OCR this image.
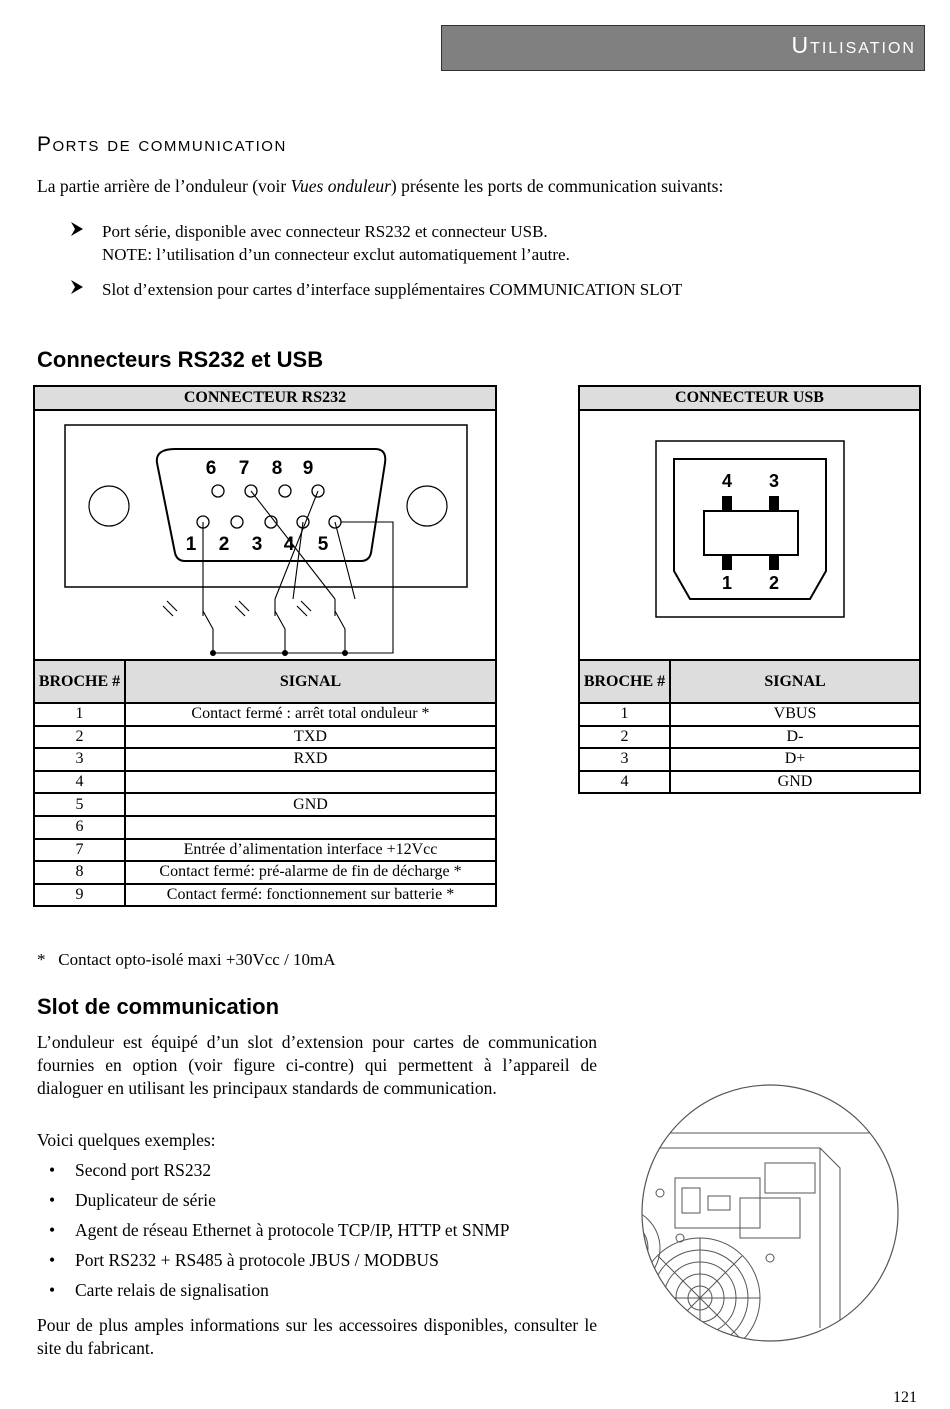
Utilisation
Ports de communication
La partie arrière de l’onduleur (voir Vues onduleur) présente les ports de communication suivants:
Port série, disponible avec connecteur RS232 et connecteur USB.
NOTE: l’utilisation d’un connecteur exclut automatiquement l’autre.
Slot d’extension pour cartes d’interface supplémentaires COMMUNICATION SLOT
Connecteurs RS232 et USB
CONNECTEUR RS232
6 7 8 9
1 2 3 4 5
CONNECTEUR USB
4 3
1 2
BROCHE #	SIGNAL
1	Contact fermé : arrêt total onduleur *
2	TXD
3	RXD
4	
5	GND
6	
7	Entrée d’alimentation interface +12Vcc
8	Contact fermé: pré-alarme de fin de décharge *
9	Contact fermé: fonctionnement sur batterie *
BROCHE #	SIGNAL
1	VBUS
2	D-
3	D+
4	GND
* Contact opto-isolé maxi +30Vcc / 10mA
Slot de communication
L’onduleur est équipé d’un slot d’extension pour cartes de communication fournies en option (voir figure ci-contre) qui permettent à l’appareil de dialoguer en utilisant les principaux standards de communication.
Voici quelques exemples:
• Second port RS232
• Duplicateur de série
• Agent de réseau Ethernet à protocole TCP/IP, HTTP et SNMP
• Port RS232 + RS485 à protocole JBUS / MODBUS
• Carte relais de signalisation
Pour de plus amples informations sur les accessoires disponibles, consulter le site du fabricant.
121
